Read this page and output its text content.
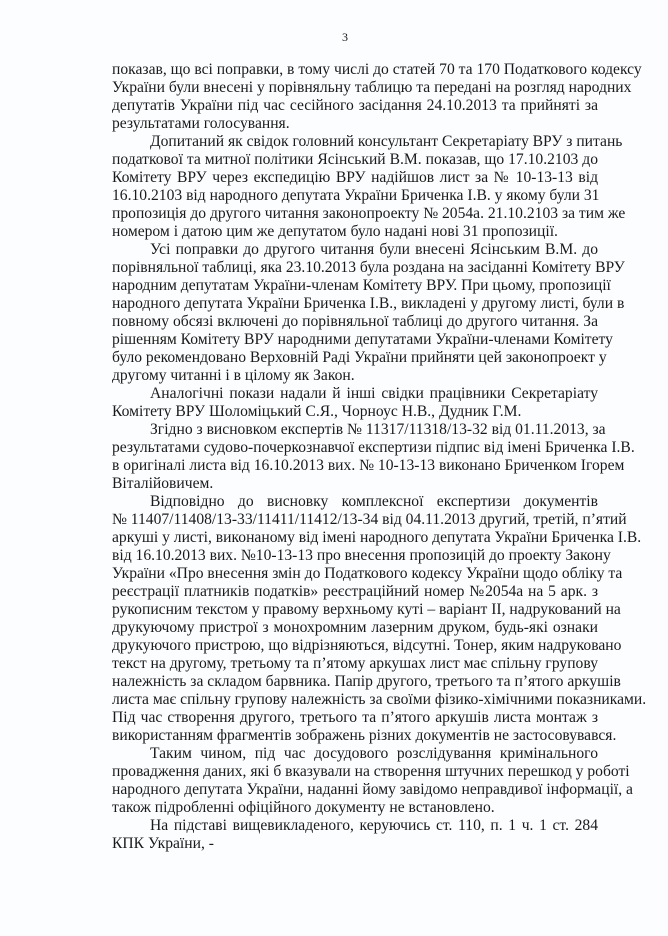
3
показав, що всі поправки, в тому числі до статей 70 та 170 Податкового кодексу
України були внесені у порівняльну таблицю та передані на розгляд народних
депутатів України під час сесійного засідання 24.10.2013 та прийняті за
результатами голосування.
Допитаний як свідок головний консультант Секретаріату ВРУ з питань
податкової та митної політики Ясінський В.М. показав, що 17.10.2103 до
Комітету ВРУ через експедицію ВРУ надійшов лист за № 10-13-13 від
16.10.2103 від народного депутата України Бриченка І.В. у якому були 31
пропозиція до другого читання законопроекту № 2054а. 21.10.2103 за тим же
номером і датою цим же депутатом було надані нові 31 пропозиції.
Усі поправки до другого читання були внесені Ясінським В.М. до
порівняльної таблиці, яка 23.10.2013 була роздана на засіданні Комітету ВРУ
народним депутатам України-членам Комітету ВРУ. При цьому, пропозиції
народного депутата України Бриченка І.В., викладені у другому листі, були в
повному обсязі включені до порівняльної таблиці до другого читання. За
рішенням Комітету ВРУ народними депутатами України-членами Комітету
було рекомендовано Верховній Раді України прийняти цей законопроект у
другому читанні і в цілому як Закон.
Аналогічні покази надали й інші свідки працівники Секретаріату
Комітету ВРУ Шоломіцький С.Я., Чорноус Н.В., Дудник Г.М.
Згідно з висновком експертів № 11317/11318/13-32 від 01.11.2013, за
результатами судово-почеркознавчої експертизи підпис від імені Бриченка І.В.
в оригіналі листа від 16.10.2013 вих. № 10-13-13 виконано Бриченком Ігорем
Віталійовичем.
Відповідно до висновку комплексної експертизи документів
№ 11407/11408/13-33/11411/11412/13-34 від 04.11.2013 другий, третій, п’ятий
аркуші у листі, виконаному від імені народного депутата України Бриченка І.В.
від 16.10.2013 вих. №10-13-13 про внесення пропозицій до проекту Закону
України «Про внесення змін до Податкового кодексу України щодо обліку та
реєстрації платників податків» реєстраційний номер №2054а на 5 арк. з
рукописним текстом у правому верхньому куті – варіант II, надрукований на
друкуючому пристрої з монохромним лазерним друком, будь-які ознаки
друкуючого пристрою, що відрізняються, відсутні. Тонер, яким надруковано
текст на другому, третьому та п’ятому аркушах лист має спільну групову
належність за складом барвника. Папір другого, третього та п’ятого аркушів
листа має спільну групову належність за своїми фізико-хімічними показниками.
Під час створення другого, третього та п’ятого аркушів листа монтаж з
використанням фрагментів зображень різних документів не застосовувався.
Таким чином, під час досудового розслідування кримінального
провадження даних, які б вказували на створення штучних перешкод у роботі
народного депутата України, наданні йому завідомо неправдивої інформації, а
також підробленні офіційного документу не встановлено.
На підставі вищевикладеного, керуючись ст. 110, п. 1 ч. 1 ст. 284
КПК України, -
